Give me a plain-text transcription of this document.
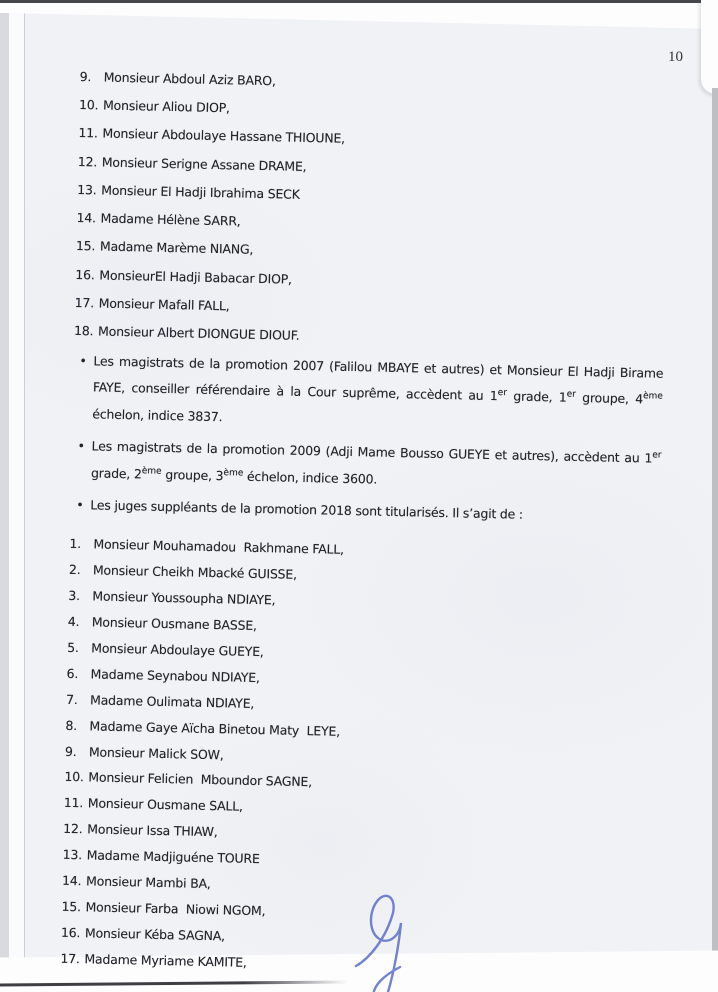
10
9. Monsieur Abdoul Aziz BARO,
10. Monsieur Aliou DIOP,
11. Monsieur Abdoulaye Hassane THIOUNE,
12. Monsieur Serigne Assane DRAME,
13. Monsieur El Hadji Ibrahima SECK
14. Madame Hélène SARR,
15. Madame Marème NIANG,
16. MonsieurEl Hadji Babacar DIOP,
17. Monsieur Mafall FALL,
18. Monsieur Albert DIONGUE DIOUF.
• Les magistrats de la promotion 2007 (Falilou MBAYE et autres) et Monsieur El Hadji Birame FAYE, conseiller référendaire à la Cour suprême, accèdent au 1er grade, 1er groupe, 4ème échelon, indice 3837.
• Les magistrats de la promotion 2009 (Adji Mame Bousso GUEYE et autres), accèdent au 1er grade, 2ème groupe, 3ème échelon, indice 3600.
• Les juges suppléants de la promotion 2018 sont titularisés. Il s’agit de :
1. Monsieur Mouhamadou  Rakhmane FALL,
2. Monsieur Cheikh Mbacké GUISSE,
3. Monsieur Youssoupha NDIAYE,
4. Monsieur Ousmane BASSE,
5. Monsieur Abdoulaye GUEYE,
6. Madame Seynabou NDIAYE,
7. Madame Oulimata NDIAYE,
8. Madame Gaye Aïcha Binetou Maty  LEYE,
9. Monsieur Malick SOW,
10. Monsieur Felicien  Mboundor SAGNE,
11. Monsieur Ousmane SALL,
12. Monsieur Issa THIAW,
13. Madame Madjiguéne TOURE
14. Monsieur Mambi BA,
15. Monsieur Farba  Niowi NGOM,
16. Monsieur Kéba SAGNA,
17. Madame Myriame KAMITE,
